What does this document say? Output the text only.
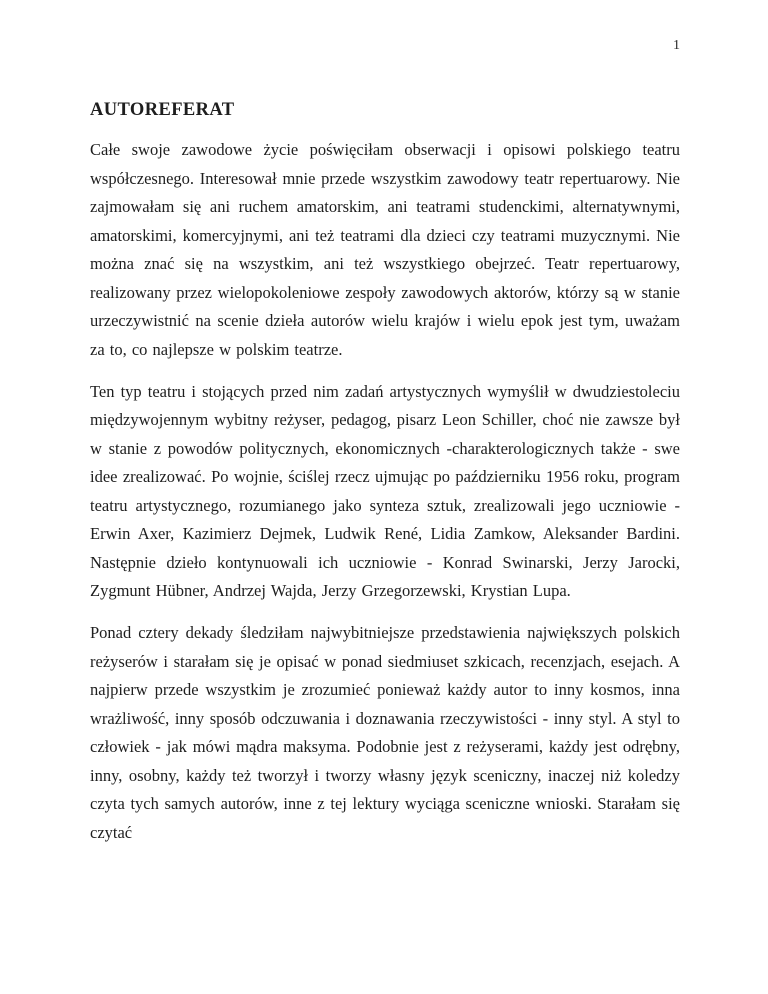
1
AUTOREFERAT

Całe swoje zawodowe życie poświęciłam obserwacji i opisowi polskiego teatru współczesnego. Interesował mnie przede wszystkim zawodowy teatr repertuarowy. Nie zajmowałam się ani ruchem amatorskim, ani teatrami studenckimi, alternatywnymi, amatorskimi, komercyjnymi, ani też teatrami dla dzieci czy teatrami muzycznymi. Nie można znać się na wszystkim, ani też wszystkiego obejrzeć. Teatr repertuarowy, realizowany przez wielopokoleniowe zespoły zawodowych aktorów, którzy są w stanie urzeczywistnić na scenie dzieła autorów wielu krajów i wielu epok jest tym, uważam za to, co najlepsze w polskim teatrze.

Ten typ teatru i stojących przed nim zadań artystycznych wymyślił w dwudziestoleciu międzywojennym wybitny reżyser, pedagog, pisarz Leon Schiller, choć nie zawsze był w stanie z powodów politycznych, ekonomicznych -charakterologicznych także - swe idee zrealizować. Po wojnie, ściślej rzecz ujmując po październiku 1956 roku, program teatru artystycznego, rozumianego jako synteza sztuk, zrealizowali jego uczniowie - Erwin Axer, Kazimierz Dejmek, Ludwik René, Lidia Zamkow, Aleksander Bardini. Następnie dzieło kontynuowali ich uczniowie - Konrad Swinarski, Jerzy Jarocki, Zygmunt Hübner, Andrzej Wajda, Jerzy Grzegorzewski, Krystian Lupa.

Ponad cztery dekady śledziłam najwybitniejsze przedstawienia największych polskich reżyserów i starałam się je opisać w ponad siedmiuset szkicach, recenzjach, esejach. A najpierw przede wszystkim je zrozumieć ponieważ każdy autor to inny kosmos, inna wrażliwość, inny sposób odczuwania i doznawania rzeczywistości - inny styl. A styl to człowiek - jak mówi mądra maksyma. Podobnie jest z reżyserami, każdy jest odrębny, inny, osobny, każdy też tworzył i tworzy własny język sceniczny, inaczej niż koledzy czyta tych samych autorów, inne z tej lektury wyciąga sceniczne wnioski. Starałam się czytać
